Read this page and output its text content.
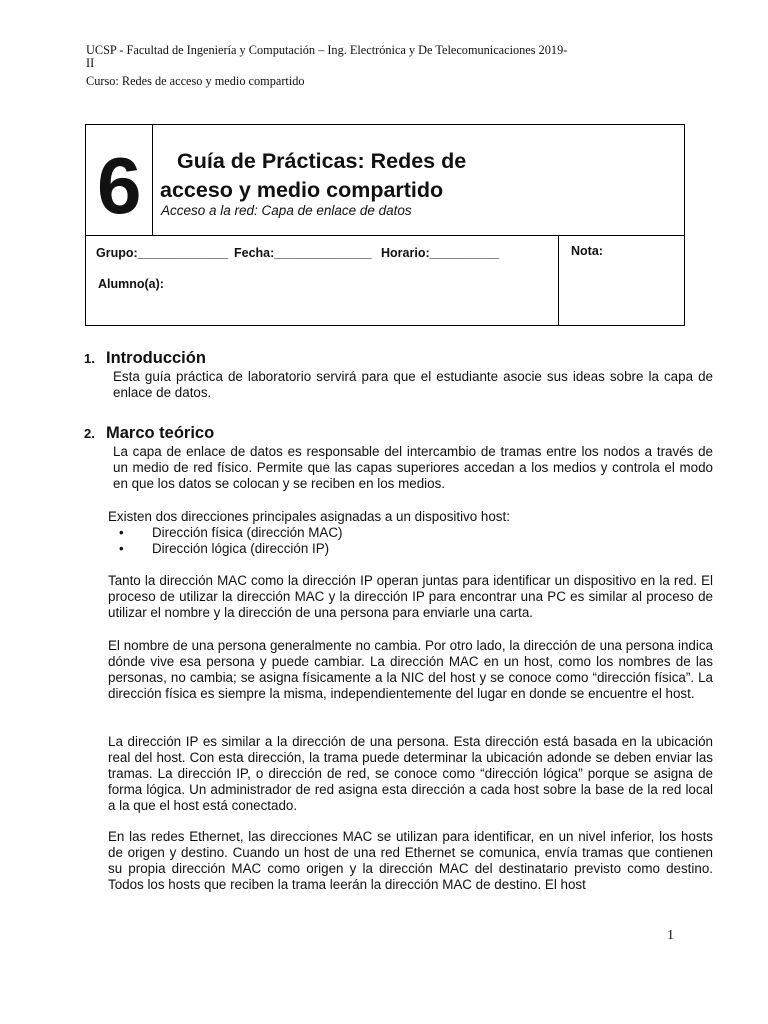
UCSP - Facultad de Ingeniería y Computación – Ing. Electrónica y De Telecomunicaciones 2019-
II
Curso: Redes de acceso y medio compartido
6	Guía de Prácticas: Redes de
acceso y medio compartido
Acceso a la red: Capa de enlace de datos
Grupo:_____________ Fecha:______________ Horario:__________
Alumno(a):
Nota:
1. Introducción
Esta guía práctica de laboratorio servirá para que el estudiante asocie sus ideas sobre la capa de enlace de datos.
2. Marco teórico
La capa de enlace de datos es responsable del intercambio de tramas entre los nodos a través de un medio de red físico. Permite que las capas superiores accedan a los medios y controla el modo en que los datos se colocan y se reciben en los medios.
Existen dos direcciones principales asignadas a un dispositivo host:
• Dirección física (dirección MAC)
• Dirección lógica (dirección IP)
Tanto la dirección MAC como la dirección IP operan juntas para identificar un dispositivo en la red. El proceso de utilizar la dirección MAC y la dirección IP para encontrar una PC es similar al proceso de utilizar el nombre y la dirección de una persona para enviarle una carta.
El nombre de una persona generalmente no cambia. Por otro lado, la dirección de una persona indica dónde vive esa persona y puede cambiar. La dirección MAC en un host, como los nombres de las personas, no cambia; se asigna físicamente a la NIC del host y se conoce como “dirección física”. La dirección física es siempre la misma, independientemente del lugar en donde se encuentre el host.
La dirección IP es similar a la dirección de una persona. Esta dirección está basada en la ubicación real del host. Con esta dirección, la trama puede determinar la ubicación adonde se deben enviar las tramas. La dirección IP, o dirección de red, se conoce como “dirección lógica” porque se asigna de forma lógica. Un administrador de red asigna esta dirección a cada host sobre la base de la red local a la que el host está conectado.
En las redes Ethernet, las direcciones MAC se utilizan para identificar, en un nivel inferior, los hosts de origen y destino. Cuando un host de una red Ethernet se comunica, envía tramas que contienen su propia dirección MAC como origen y la dirección MAC del destinatario previsto como destino. Todos los hosts que reciben la trama leerán la dirección MAC de destino. El host
1
